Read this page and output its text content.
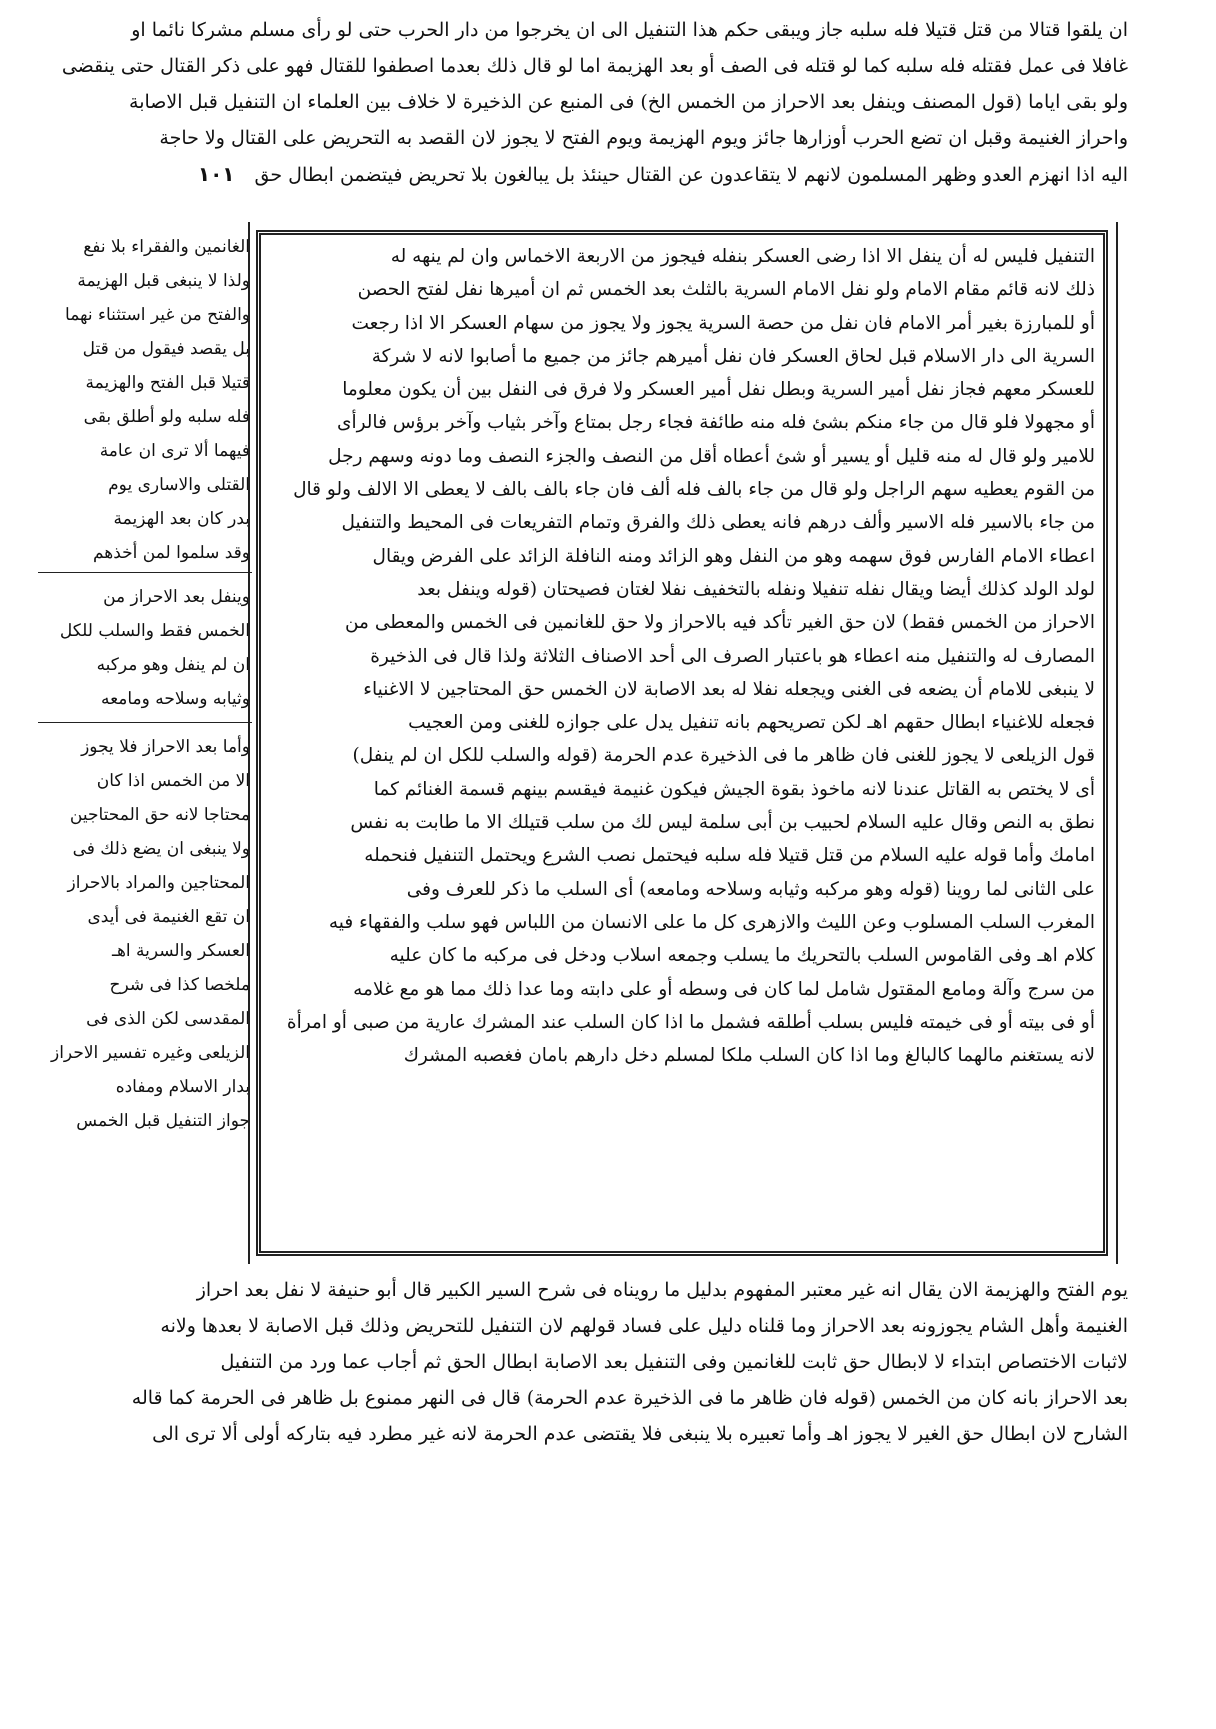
ان يلقوا قتالا من قتل قتيلا فله سلبه جاز ويبقى حكم هذا التنفيل الى ان يخرجوا من دار الحرب حتى لو رأى مسلم مشركا نائما او
غافلا فى عمل فقتله فله سلبه كما لو قتله فى الصف أو بعد الهزيمة اما لو قال ذلك بعدما اصطفوا للقتال فهو على ذكر القتال حتى ينقضى
ولو بقى اياما (قول المصنف وينفل بعد الاحراز من الخمس الخ) فى المنبع عن الذخيرة لا خلاف بين العلماء ان التنفيل قبل الاصابة
واحراز الغنيمة وقبل ان تضع الحرب أوزارها جائز ويوم الهزيمة ويوم الفتح لا يجوز لان القصد به التحريض على القتال ولا حاجة
اليه اذا انهزم العدو وظهر المسلمون لانهم لا يتقاعدون عن القتال حينئذ بل يبالغون بلا تحريض فيتضمن ابطال حق ١٠١
الغانمين والفقراء بلا نفع
ولذا لا ينبغى قبل الهزيمة
والفتح من غير استثناء نهما
بل يقصد فيقول من قتل
قتيلا قبل الفتح والهزيمة
فله سلبه ولو أطلق بقى
فيهما ألا ترى ان عامة
القتلى والاسارى يوم
بدر كان بعد الهزيمة
وقد سلموا لمن أخذهم
وينفل بعد الاحراز من
الخمس فقط والسلب للكل
ان لم ينفل وهو مركبه
وثيابه وسلاحه ومامعه
وأما بعد الاحراز فلا يجوز
الا من الخمس اذا كان
محتاجا لانه حق المحتاجين
ولا ينبغى ان يضع ذلك فى
المحتاجين والمراد بالاحراز
ان تقع الغنيمة فى أيدى
العسكر والسرية اهـ
ملخصا كذا فى شرح
المقدسى لكن الذى فى
الزيلعى وغيره تفسير الاحراز
بدار الاسلام ومفاده
جواز التنفيل قبل الخمس
التنفيل فليس له أن ينفل الا اذا رضى العسكر بنفله فيجوز من الاربعة الاخماس وان لم ينهه له
ذلك لانه قائم مقام الامام ولو نفل الامام السرية بالثلث بعد الخمس ثم ان أميرها نفل لفتح الحصن
أو للمبارزة بغير أمر الامام فان نفل من حصة السرية يجوز ولا يجوز من سهام العسكر الا اذا رجعت
السرية الى دار الاسلام قبل لحاق العسكر فان نفل أميرهم جائز من جميع ما أصابوا لانه لا شركة
للعسكر معهم فجاز نفل أمير السرية وبطل نفل أمير العسكر ولا فرق فى النفل بين أن يكون معلوما
أو مجهولا فلو قال من جاء منكم بشئ فله منه طائفة فجاء رجل بمتاع وآخر بثياب وآخر برؤس فالرأى
للامير ولو قال له منه قليل أو يسير أو شئ أعطاه أقل من النصف والجزء النصف وما دونه وسهم رجل
من القوم يعطيه سهم الراجل ولو قال من جاء بالف فله ألف فان جاء بالف بالف لا يعطى الا الالف ولو قال
من جاء بالاسير فله الاسير وألف درهم فانه يعطى ذلك والفرق وتمام التفريعات فى المحيط والتنفيل
اعطاء الامام الفارس فوق سهمه وهو من النفل وهو الزائد ومنه النافلة الزائد على الفرض ويقال
لولد الولد كذلك أيضا ويقال نفله تنفيلا ونفله بالتخفيف نفلا لغتان فصيحتان (قوله وينفل بعد
الاحراز من الخمس فقط) لان حق الغير تأكد فيه بالاحراز ولا حق للغانمين فى الخمس والمعطى من
المصارف له والتنفيل منه اعطاء هو باعتبار الصرف الى أحد الاصناف الثلاثة ولذا قال فى الذخيرة
لا ينبغى للامام أن يضعه فى الغنى ويجعله نفلا له بعد الاصابة لان الخمس حق المحتاجين لا الاغنياء
فجعله للاغنياء ابطال حقهم اهـ لكن تصريحهم بانه تنفيل يدل على جوازه للغنى ومن العجيب
قول الزيلعى لا يجوز للغنى فان ظاهر ما فى الذخيرة عدم الحرمة (قوله والسلب للكل ان لم ينفل)
أى لا يختص به القاتل عندنا لانه ماخوذ بقوة الجيش فيكون غنيمة فيقسم بينهم قسمة الغنائم كما
نطق به النص وقال عليه السلام لحبيب بن أبى سلمة ليس لك من سلب قتيلك الا ما طابت به نفس
امامك وأما قوله عليه السلام من قتل قتيلا فله سلبه فيحتمل نصب الشرع ويحتمل التنفيل فنحمله
على الثانى لما روينا (قوله وهو مركبه وثيابه وسلاحه ومامعه) أى السلب ما ذكر للعرف وفى
المغرب السلب المسلوب وعن الليث والازهرى كل ما على الانسان من اللباس فهو سلب والفقهاء فيه
كلام اهـ وفى القاموس السلب بالتحريك ما يسلب وجمعه اسلاب ودخل فى مركبه ما كان عليه
من سرج وآلة ومامع المقتول شامل لما كان فى وسطه أو على دابته وما عدا ذلك مما هو مع غلامه
أو فى بيته أو فى خيمته فليس بسلب أطلقه فشمل ما اذا كان السلب عند المشرك عارية من صبى أو امرأة
لانه يستغنم مالهما كالبالغ وما اذا كان السلب ملكا لمسلم دخل دارهم بامان فغصبه المشرك
يوم الفتح والهزيمة الان يقال انه غير معتبر المفهوم بدليل ما رويناه فى شرح السير الكبير قال أبو حنيفة لا نفل بعد احراز
الغنيمة وأهل الشام يجوزونه بعد الاحراز وما قلناه دليل على فساد قولهم لان التنفيل للتحريض وذلك قبل الاصابة لا بعدها ولانه
لاثبات الاختصاص ابتداء لا لابطال حق ثابت للغانمين وفى التنفيل بعد الاصابة ابطال الحق ثم أجاب عما ورد من التنفيل
بعد الاحراز بانه كان من الخمس (قوله فان ظاهر ما فى الذخيرة عدم الحرمة) قال فى النهر ممنوع بل ظاهر فى الحرمة كما قاله
الشارح لان ابطال حق الغير لا يجوز اهـ وأما تعبيره بلا ينبغى فلا يقتضى عدم الحرمة لانه غير مطرد فيه بتاركه أولى ألا ترى الى
